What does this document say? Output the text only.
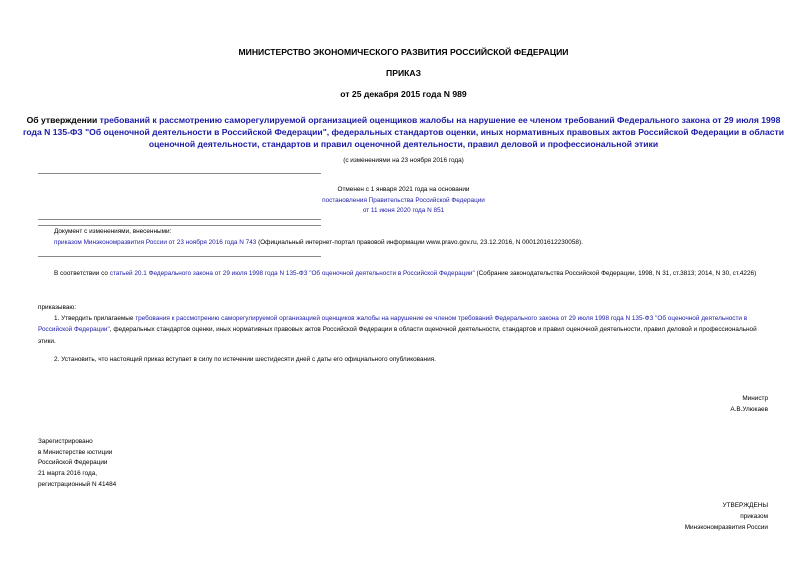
МИНИСТЕРСТВО ЭКОНОМИЧЕСКОГО РАЗВИТИЯ РОССИЙСКОЙ ФЕДЕРАЦИИ
ПРИКАЗ
от 25 декабря 2015 года N 989
Об утверждении требований к рассмотрению саморегулируемой организацией оценщиков жалобы на нарушение ее членом требований Федерального закона от 29 июля 1998 года N 135-ФЗ "Об оценочной деятельности в Российской Федерации", федеральных стандартов оценки, иных нормативных правовых актов Российской Федерации в области оценочной деятельности, стандартов и правил оценочной деятельности, правил деловой и профессиональной этики
(с изменениями на 23 ноября 2016 года)
Отменен с 1 января 2021 года на основании
постановления Правительства Российской Федерации
от 11 июня 2020 года N 851
Документ с изменениями, внесенными:
приказом Минэкономразвития России от 23 ноября 2016 года N 743 (Официальный интернет-портал правовой информации www.pravo.gov.ru, 23.12.2016, N 0001201612230058).
В соответствии со статьей 20.1 Федерального закона от 29 июля 1998 года N 135-ФЗ "Об оценочной деятельности в Российской Федерации" (Собрание законодательства Российской Федерации, 1998, N 31, ст.3813; 2014, N 30, ст.4226)
приказываю:
1. Утвердить прилагаемые требования к рассмотрению саморегулируемой организацией оценщиков жалобы на нарушение ее членом требований Федерального закона от 29 июля 1998 года N 135-ФЗ "Об оценочной деятельности в Российской Федерации", федеральных стандартов оценки, иных нормативных правовых актов Российской Федерации в области оценочной деятельности, стандартов и правил оценочной деятельности, правил деловой и профессиональной этики.
2. Установить, что настоящий приказ вступает в силу по истечении шестидесяти дней с даты его официального опубликования.
Министр
А.В.Улюкаев
Зарегистрировано
в Министерстве юстиции
Российской Федерации
21 марта 2016 года,
регистрационный N 41484
УТВЕРЖДЕНЫ
приказом
Минэкономразвития России
